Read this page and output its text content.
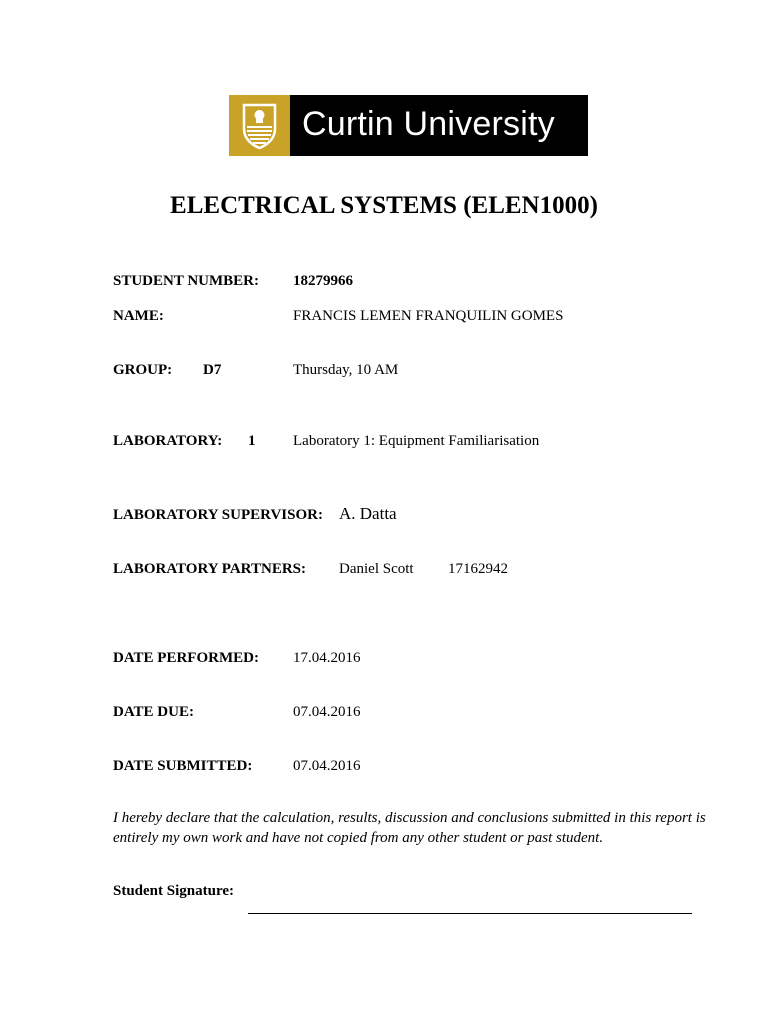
Curtin University
ELECTRICAL SYSTEMS (ELEN1000)
STUDENT NUMBER: 18279966
NAME:	FRANCIS LEMEN FRANQUILIN GOMES
GROUP: D7	Thursday, 10 AM
LABORATORY: 1	Laboratory 1: Equipment Familiarisation
LABORATORY SUPERVISOR: A. Datta
LABORATORY PARTNERS: Daniel Scott 17162942
DATE PERFORMED: 17.04.2016
DATE DUE:	07.04.2016
DATE SUBMITTED:	07.04.2016
I hereby declare that the calculation, results, discussion and conclusions submitted in this report is entirely my own work and have not copied from any other student or past student.
Student Signature:
